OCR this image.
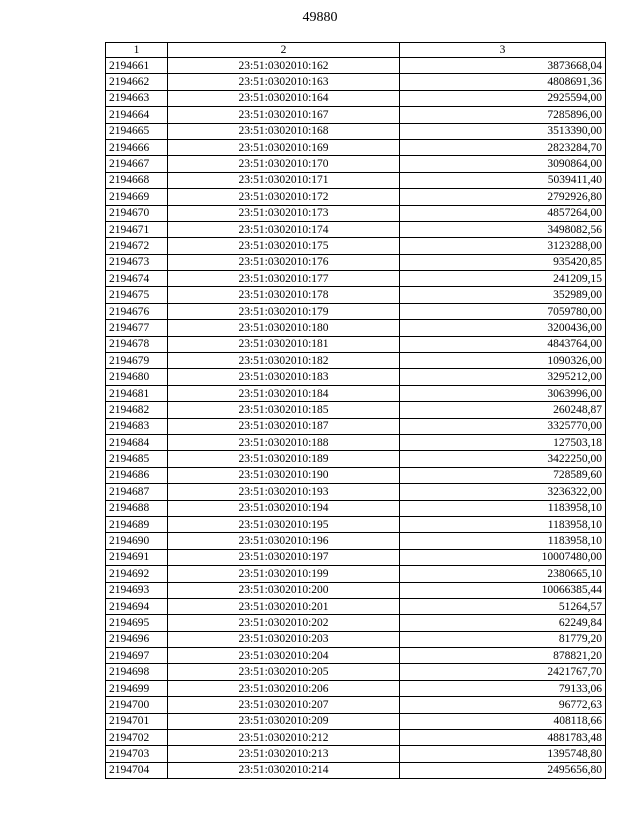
49880
1	2	3
2194661	23:51:0302010:162	3873668,04
2194662	23:51:0302010:163	4808691,36
2194663	23:51:0302010:164	2925594,00
2194664	23:51:0302010:167	7285896,00
2194665	23:51:0302010:168	3513390,00
2194666	23:51:0302010:169	2823284,70
2194667	23:51:0302010:170	3090864,00
2194668	23:51:0302010:171	5039411,40
2194669	23:51:0302010:172	2792926,80
2194670	23:51:0302010:173	4857264,00
2194671	23:51:0302010:174	3498082,56
2194672	23:51:0302010:175	3123288,00
2194673	23:51:0302010:176	935420,85
2194674	23:51:0302010:177	241209,15
2194675	23:51:0302010:178	352989,00
2194676	23:51:0302010:179	7059780,00
2194677	23:51:0302010:180	3200436,00
2194678	23:51:0302010:181	4843764,00
2194679	23:51:0302010:182	1090326,00
2194680	23:51:0302010:183	3295212,00
2194681	23:51:0302010:184	3063996,00
2194682	23:51:0302010:185	260248,87
2194683	23:51:0302010:187	3325770,00
2194684	23:51:0302010:188	127503,18
2194685	23:51:0302010:189	3422250,00
2194686	23:51:0302010:190	728589,60
2194687	23:51:0302010:193	3236322,00
2194688	23:51:0302010:194	1183958,10
2194689	23:51:0302010:195	1183958,10
2194690	23:51:0302010:196	1183958,10
2194691	23:51:0302010:197	10007480,00
2194692	23:51:0302010:199	2380665,10
2194693	23:51:0302010:200	10066385,44
2194694	23:51:0302010:201	51264,57
2194695	23:51:0302010:202	62249,84
2194696	23:51:0302010:203	81779,20
2194697	23:51:0302010:204	878821,20
2194698	23:51:0302010:205	2421767,70
2194699	23:51:0302010:206	79133,06
2194700	23:51:0302010:207	96772,63
2194701	23:51:0302010:209	408118,66
2194702	23:51:0302010:212	4881783,48
2194703	23:51:0302010:213	1395748,80
2194704	23:51:0302010:214	2495656,80
